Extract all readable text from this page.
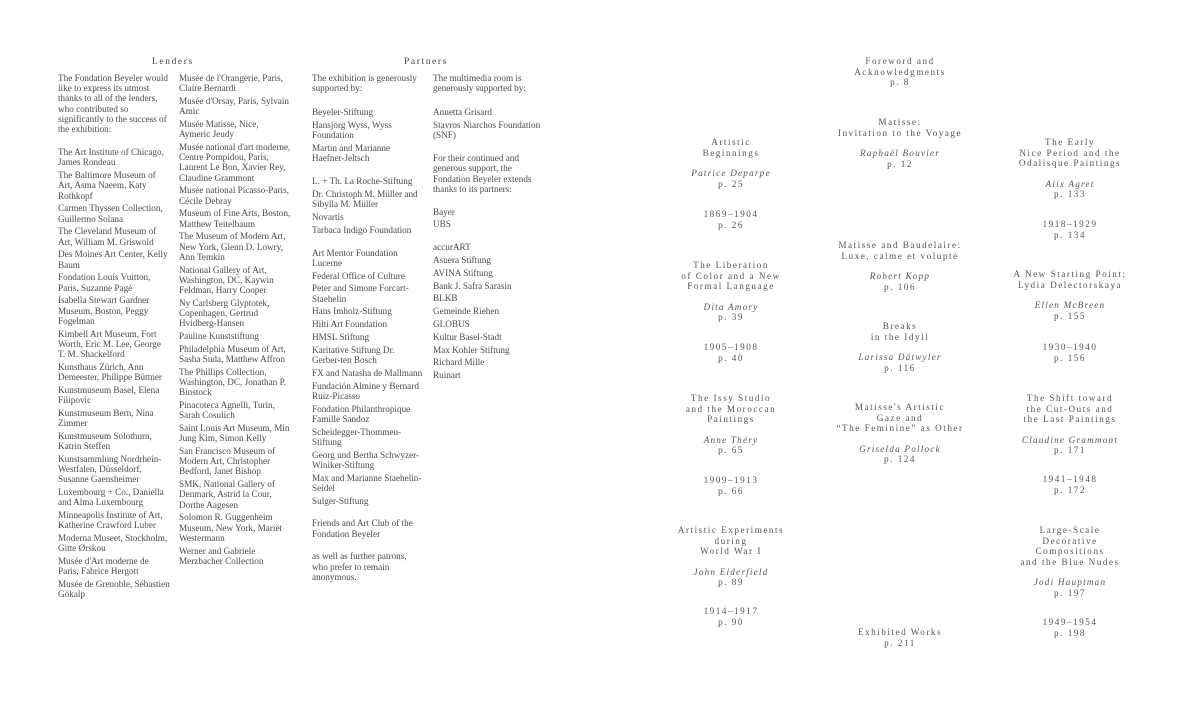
Lenders
The Fondation Beyeler would like to express its utmost thanks to all of the lenders, who contributed so significantly to the success of the exhibition:
The Art Institute of Chicago, James Rondeau
The Baltimore Museum of Art, Asma Naeem, Katy Rothkopf
Carmen Thyssen Collection, Guillermo Solana
The Cleveland Museum of Art, William M. Griswold
Des Moines Art Center, Kelly Baum
Fondation Louis Vuitton, Paris, Suzanne Pagé
Isabella Stewart Gardner Museum, Boston, Peggy Fogelman
Kimbell Art Museum, Fort Worth, Eric M. Lee, George T. M. Shackelford
Kunsthaus Zürich, Ann Demeester, Philippe Büttner
Kunstmuseum Basel, Elena Filipovic
Kunstmuseum Bern, Nina Zimmer
Kunstmuseum Solothurn, Katrin Steffen
Kunstsammlung Nordrhein-Westfalen, Düsseldorf, Susanne Gaensheimer
Luxembourg + Co., Daniella and Alma Luxembourg
Minneapolis Institute of Art, Katherine Crawford Luber
Moderna Museet, Stockholm, Gitte Ørskou
Musée d'Art moderne de Paris, Fabrice Hergott
Musée de Grenoble, Sébastien Gökalp
Musée de l'Orangerie, Paris, Claire Bernardi
Musée d'Orsay, Paris, Sylvain Amic
Musée Matisse, Nice, Aymeric Jeudy
Musée national d'art moderne, Centre Pompidou, Paris, Laurent Le Bon, Xavier Rey, Claudine Grammont
Musée national Picasso-Paris, Cécile Debray
Museum of Fine Arts, Boston, Matthew Teitelbaum
The Museum of Modern Art, New York, Glenn D. Lowry, Ann Temkin
National Gallery of Art, Washington, DC, Kaywin Feldman, Harry Cooper
Ny Carlsberg Glyptotek, Copenhagen, Gertrud Hvidberg-Hansen
Pauline Kunststiftung
Philadelphia Museum of Art, Sasha Suda, Matthew Affron
The Phillips Collection, Washington, DC, Jonathan P. Binstock
Pinacoteca Agnelli, Turin, Sarah Cosulich
Saint Louis Art Museum, Min Jung Kim, Simon Kelly
San Francisco Museum of Modern Art, Christopher Bedford, Janet Bishop
SMK, National Gallery of Denmark, Astrid la Cour, Dorthe Aagesen
Solomon R. Guggenheim Museum, New York, Mariët Westermann
Werner and Gabriele Merzbacher Collection
Partners
The exhibition is generously supported by:
Beyeler-Stiftung
Hansjörg Wyss, Wyss Foundation
Martin and Marianne Haefner-Jeltsch
L. + Th. La Roche-Stiftung
Dr. Christoph M. Müller and Sibylla M. Müller
Novartis
Tarbaca Indigo Foundation
Art Mentor Foundation Lucerne
Federal Office of Culture
Peter and Simone Forcart-Staehelin
Hans Imholz-Stiftung
Hilti Art Foundation
HMSL Stiftung
Karitative Stiftung Dr. Gerber-ten Bosch
FX and Natasha de Mallmann
Fundación Almine y Bernard Ruiz-Picasso
Fondation Philanthropique Famille Sandoz
Scheidegger-Thommen-Stiftung
Georg und Bertha Schwyzer-Winiker-Stiftung
Max and Marianne Staehelin-Seidel
Sulger-Stiftung
Friends and Art Club of the Fondation Beyeler
as well as further patrons, who prefer to remain anonymous.
The multimedia room is generously supported by:
Annetta Grisard
Stavros Niarchos Foundation (SNF)
For their continued and generous support, the Fondation Beyeler extends thanks to its partners:
Bayer
UBS
accurART
Asuera Stiftung
AVINA Stiftung
Bank J. Safra Sarasin
BLKB
Gemeinde Riehen
GLOBUS
Kultur Basel-Stadt
Max Kohler Stiftung
Richard Mille
Ruinart
Foreword and
Acknowledgments
p. 8
Matisse:
Invitation to the Voyage
Raphaël Bouvier
p. 12
Matisse and Baudelaire:
Luxe, calme et volupté
Robert Kopp
p. 106
Breaks
in the Idyll
Larissa Dätwyler
p. 116
Matisse's Artistic
Gaze and
“The Feminine” as Other
Griselda Pollock
p. 124
Exhibited Works
p. 211
Artistic
Beginnings
Patrice Deparpe
p. 25
1869–1904
p. 26
The Liberation
of Color and a New
Formal Language
Dita Amory
p. 39
1905–1908
p. 40
The Issy Studio
and the Moroccan
Paintings
Anne Théry
p. 65
1909–1913
p. 66
Artistic Experiments
during
World War I
John Elderfield
p. 89
1914–1917
p. 90
The Early
Nice Period and the
Odalisque Paintings
Alix Agret
p. 133
1918–1929
p. 134
A New Starting Point:
Lydia Delectorskaya
Ellen McBreen
p. 155
1930–1940
p. 156
The Shift toward
the Cut-Outs and
the Last Paintings
Claudine Grammont
p. 171
1941–1948
p. 172
Large-Scale
Decorative
Compositions
and the Blue Nudes
Jodi Hauptman
p. 197
1949–1954
p. 198
